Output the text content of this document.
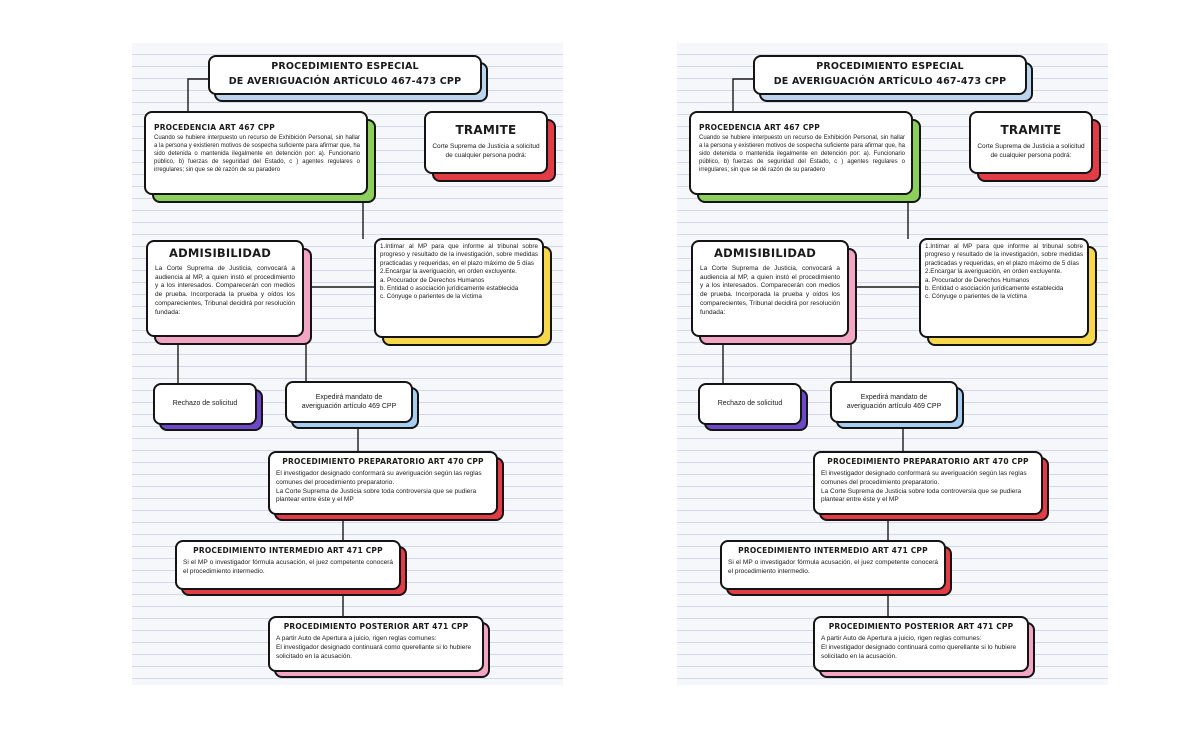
PROCEDIMIENTO ESPECIAL
DE AVERIGUACIÓN ARTÍCULO 467-473 CPP
PROCEDENCIA ART 467 CPP
Cuando se hubiere interpuesto un recurso de Exhibición Personal, sin hallar a la persona y existieren motivos de sospecha suficiente para afirmar que, ha sido detenida o mantenida ilegalmente en detención por: a). Funcionario público, b) fuerzas de seguridad del Estado, c ) agentes regulares o irregulares; sin que se dé razón de su paradero
TRAMITE
Corte Suprema de Justicia a solicitud de cualquier persona podrá:
ADMISIBILIDAD
La Corte Suprema de Justicia, convocará a audiencia al MP, a quien instó el procedimiento y a los interesados. Comparecerán con medios de prueba. Incorporada la prueba y oídos los comparecientes, Tribunal decidirá por resolución fundada:
1.Intimar al MP para que informe al tribunal sobre progreso y resultado de la investigación, sobre medidas practicadas y requeridas, en el plazo máximo de 5 días
2.Encargar la averiguación, en orden excluyente.
a. Procurador de Derechos Humanos
b. Entidad o asociación jurídicamente establecida
c. Cónyuge o parientes de la víctima
Rechazo de solicitud
Expedirá mandato de averiguación artículo 469 CPP
PROCEDIMIENTO PREPARATORIO ART 470 CPP
El investigador designado conformará su averiguación según las reglas comunes del procedimiento preparatorio.
La Corte Suprema de Justicia sobre toda controversia que se pudiera plantear entre éste y el MP
PROCEDIMIENTO INTERMEDIO ART 471 CPP
Si el MP o investigador fórmula acusación, el juez competente conocerá el procedimiento intermedio.
PROCEDIMIENTO POSTERIOR ART 471 CPP
A partir Auto de Apertura a juicio, rigen reglas comunes:
El investigador designado continuará como querellante si lo hubiere solicitado en la acusación.
PROCEDIMIENTO ESPECIAL
DE AVERIGUACIÓN ARTÍCULO 467-473 CPP
PROCEDENCIA ART 467 CPP
Cuando se hubiere interpuesto un recurso de Exhibición Personal, sin hallar a la persona y existieren motivos de sospecha suficiente para afirmar que, ha sido detenida o mantenida ilegalmente en detención por: a). Funcionario público, b) fuerzas de seguridad del Estado, c ) agentes regulares o irregulares; sin que se dé razón de su paradero
TRAMITE
Corte Suprema de Justicia a solicitud de cualquier persona podrá:
ADMISIBILIDAD
La Corte Suprema de Justicia, convocará a audiencia al MP, a quien instó el procedimiento y a los interesados. Comparecerán con medios de prueba. Incorporada la prueba y oídos los comparecientes, Tribunal decidirá por resolución fundada:
1.Intimar al MP para que informe al tribunal sobre progreso y resultado de la investigación, sobre medidas practicadas y requeridas, en el plazo máximo de 5 días
2.Encargar la averiguación, en orden excluyente.
a. Procurador de Derechos Humanos
b. Entidad o asociación jurídicamente establecida
c. Cónyuge o parientes de la víctima
Rechazo de solicitud
Expedirá mandato de averiguación artículo 469 CPP
PROCEDIMIENTO PREPARATORIO ART 470 CPP
El investigador designado conformará su averiguación según las reglas comunes del procedimiento preparatorio.
La Corte Suprema de Justicia sobre toda controversia que se pudiera plantear entre éste y el MP
PROCEDIMIENTO INTERMEDIO ART 471 CPP
Si el MP o investigador fórmula acusación, el juez competente conocerá el procedimiento intermedio.
PROCEDIMIENTO POSTERIOR ART 471 CPP
A partir Auto de Apertura a juicio, rigen reglas comunes:
El investigador designado continuará como querellante si lo hubiere solicitado en la acusación.
